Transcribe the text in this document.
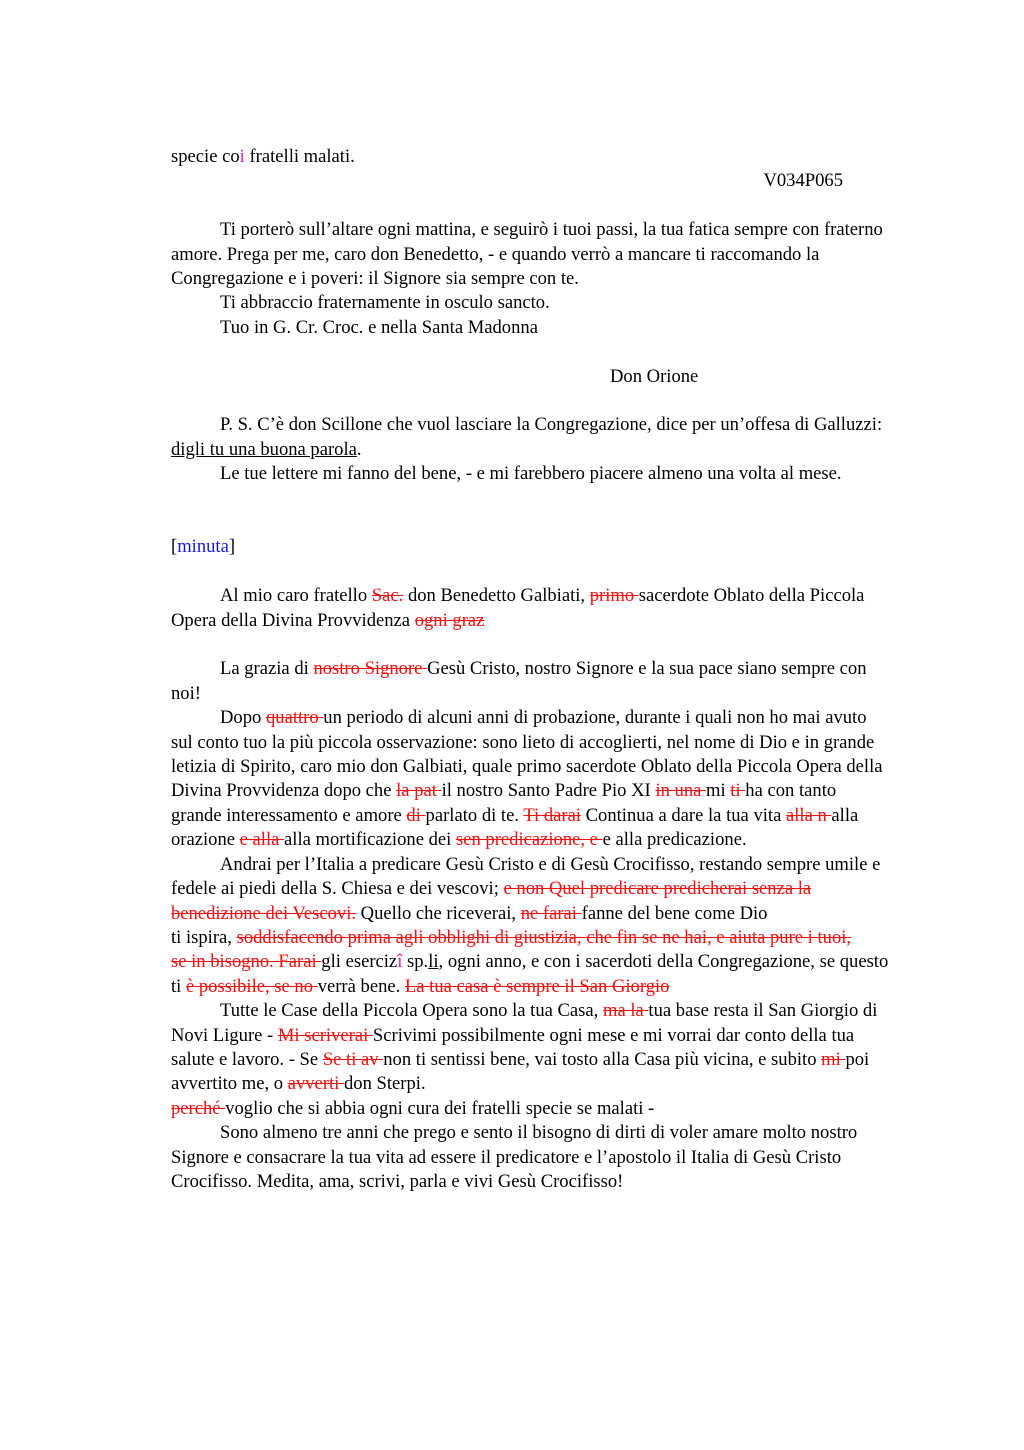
specie coi fratelli malati.

V034P065

Ti porterò sull’altare ogni mattina, e seguirò i tuoi passi, la tua fatica sempre con fraterno amore. Prega per me, caro don Benedetto, - e quando verrò a mancare ti raccomando la Congregazione e i poveri: il Signore sia sempre con te.

Ti abbraccio fraternamente in osculo sancto.

Tuo in G. Cr. Croc. e nella Santa Madonna

Don Orione

P. S. C’è don Scillone che vuol lasciare la Congregazione, dice per un’offesa di Galluzzi: digli tu una buona parola.

Le tue lettere mi fanno del bene, - e mi farebbero piacere almeno una volta al mese.

[minuta]

Al mio caro fratello Sac. don Benedetto Galbiati, primo sacerdote Oblato della Piccola Opera della Divina Provvidenza ogni graz

La grazia di nostro Signore Gesù Cristo, nostro Signore e la sua pace siano sempre con noi!

Dopo quattro un periodo di alcuni anni di probazione, durante i quali non ho mai avuto sul conto tuo la più piccola osservazione: sono lieto di accoglierti, nel nome di Dio e in grande letizia di Spirito, caro mio don Galbiati, quale primo sacerdote Oblato della Piccola Opera della Divina Provvidenza dopo che la pat il nostro Santo Padre Pio XI in una mi ti ha con tanto grande interessamento e amore di parlato di te. Ti darai Continua a dare la tua vita alla n alla orazione e alla alla mortificazione dei sen predicazione, e e alla predicazione.

Andrai per l’Italia a predicare Gesù Cristo e di Gesù Crocifisso, restando sempre umile e fedele ai piedi della S. Chiesa e dei vescovi; e non Quel predicare predicherai senza la benedizione dei Vescovi. Quello che riceverai, ne farai fanne del bene come Dio
ti ispira, soddisfacendo prima agli obblighi di giustizia, che fin se ne hai, e aiuta pure i tuoi,
se in bisogno. Farai gli esercizî sp.li, ogni anno, e con i sacerdoti della Congregazione, se questo ti è possibile, se no verrà bene. La tua casa è sempre il San Giorgio

Tutte le Case della Piccola Opera sono la tua Casa, ma la tua base resta il San Giorgio di Novi Ligure - Mi scriverai Scrivimi possibilmente ogni mese e mi vorrai dar conto della tua salute e lavoro. - Se Se ti av non ti sentissi bene, vai tosto alla Casa più vicina, e subito mi poi avvertito me, o avverti don Sterpi.
perché voglio che si abbia ogni cura dei fratelli specie se malati -

Sono almeno tre anni che prego e sento il bisogno di dirti di voler amare molto nostro Signore e consacrare la tua vita ad essere il predicatore e l’apostolo il Italia di Gesù Cristo Crocifisso. Medita, ama, scrivi, parla e vivi Gesù Crocifisso!
